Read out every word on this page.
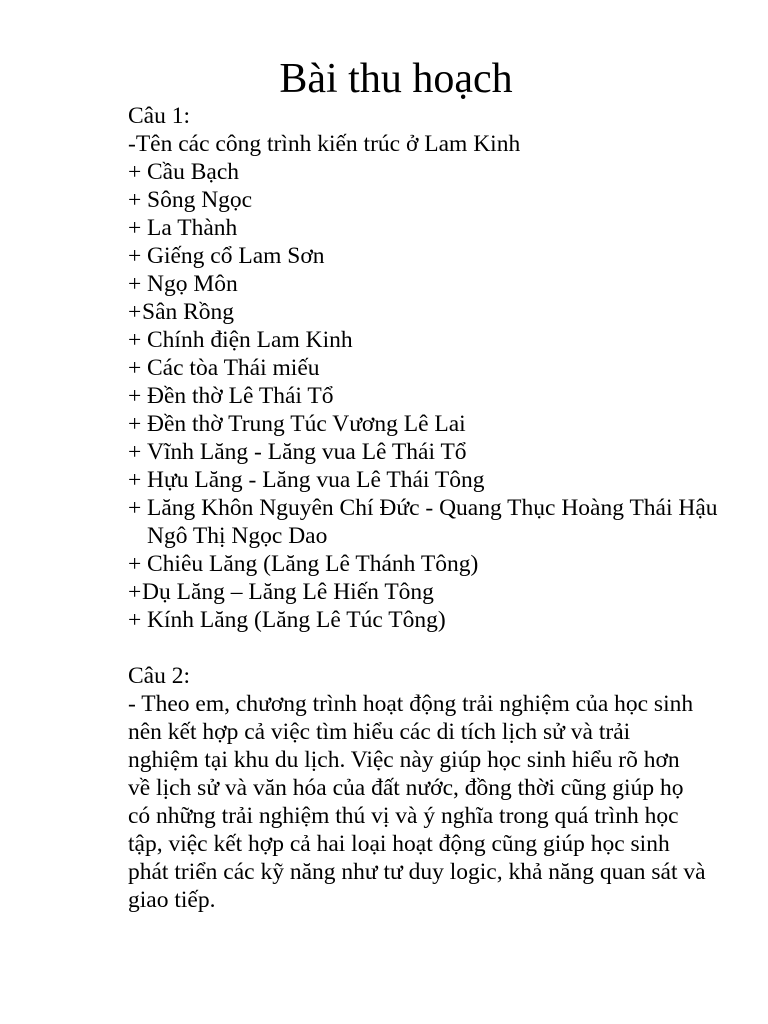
Bài thu hoạch
Câu 1:
-Tên các công trình kiến trúc ở Lam Kinh
+ Cầu Bạch
+ Sông Ngọc
+ La Thành
+ Giếng cổ Lam Sơn
+ Ngọ Môn
+ Sân Rồng
+ Chính điện Lam Kinh
+ Các tòa Thái miếu
+ Đền thờ Lê Thái Tổ
+ Đền thờ Trung Túc Vương Lê Lai
+ Vĩnh Lăng - Lăng vua Lê Thái Tổ
+ Hựu Lăng - Lăng vua Lê Thái Tông
+ Lăng Khôn Nguyên Chí Đức - Quang Thục Hoàng Thái Hậu Ngô Thị Ngọc Dao
+ Chiêu Lăng (Lăng Lê Thánh Tông)
+ Dụ Lăng – Lăng Lê Hiến Tông
+ Kính Lăng (Lăng Lê Túc Tông)
Câu 2:
- Theo em, chương trình hoạt động trải nghiệm của học sinh nên kết hợp cả việc tìm hiểu các di tích lịch sử và trải nghiệm tại khu du lịch. Việc này giúp học sinh hiểu rõ hơn về lịch sử và văn hóa của đất nước, đồng thời cũng giúp họ có những trải nghiệm thú vị và ý nghĩa trong quá trình học tập, việc kết hợp cả hai loại hoạt động cũng giúp học sinh phát triển các kỹ năng như tư duy logic, khả năng quan sát và giao tiếp.
